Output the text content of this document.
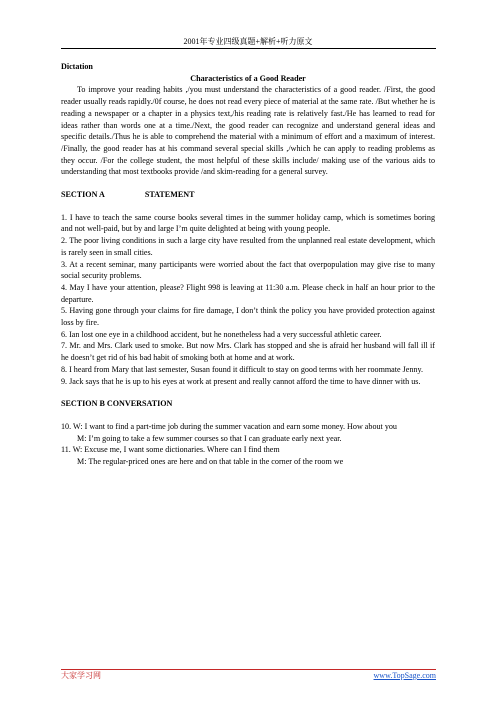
2001年专业四级真题+解析+听力原文

Dictation

Characteristics of a Good Reader

To improve your reading habits ,/you must understand the characteristics of a good reader. /First, the good reader usually reads rapidly./0f course, he does not read every piece of material at the same rate. /But whether he is reading a newspaper or a chapter in a physics text,/his reading rate is relatively fast./He has learned to read for ideas rather than words one at a time./Next, the good reader can recognize and understand general ideas and specific details./Thus he is able to comprehend the material with a minimum of effort and a maximum of interest. /Finally, the good reader has at his command several special skills ,/which he can apply to reading problems as they occur. /For the college student, the most helpful of these skills include/ making use of the various aids to understanding that most textbooks provide /and skim-reading for a general survey.

SECTION A	STATEMENT

1. I have to teach the same course books several times in the summer holiday camp, which is sometimes boring and not well-paid, but by and large I’m quite delighted at being with young people.

2. The poor living conditions in such a large city have resulted from the unplanned real estate development, which is rarely seen in small cities.

3. At a recent seminar, many participants were worried about the fact that overpopulation may give rise to many social security problems.

4. May I have your attention, please? Flight 998 is leaving at 11:30 a.m. Please check in half an hour prior to the departure.

5. Having gone through your claims for fire damage, I don’t think the policy you have provided protection against loss by fire.

6. Ian lost one eye in a childhood accident, but he nonetheless had a very successful athletic career.

7. Mr. and Mrs. Clark used to smoke. But now Mrs. Clark has stopped and she is afraid her husband will fall ill if he doesn’t get rid of his bad habit of smoking both at home and at work.

8. I heard from Mary that last semester, Susan found it difficult to stay on good terms with her roommate Jenny.

9. Jack says that he is up to his eyes at work at present and really cannot afford the time to have dinner with us.

SECTION B CONVERSATION

10. W: I want to find a part-time job during the summer vacation and earn some money. How about you

M: I’m going to take a few summer courses so that I can graduate early next year.

11. W: Excuse me, I want some dictionaries. Where can I find them

M: The regular-priced ones are here and on that table in the corner of the room we

大家学习网	www.TopSage.com
